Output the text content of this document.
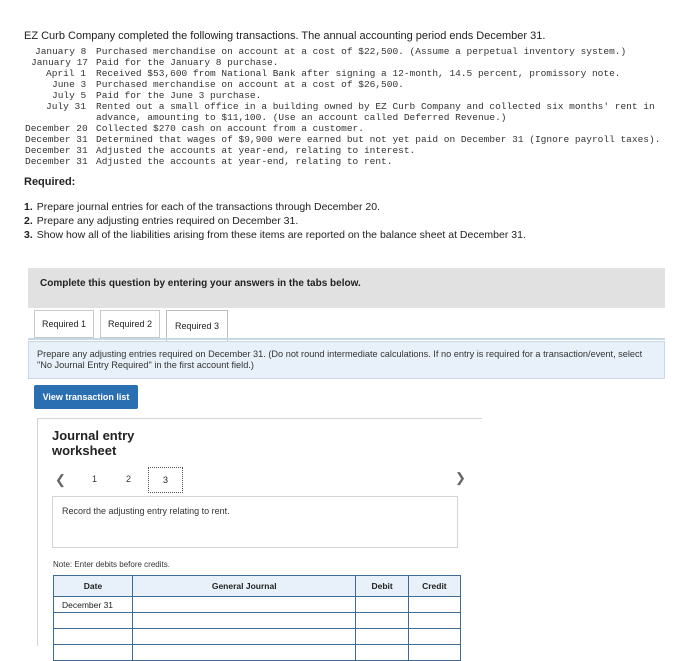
EZ Curb Company completed the following transactions. The annual accounting period ends December 31.
January 8 Purchased merchandise on account at a cost of $22,500. (Assume a perpetual inventory system.)
January 17 Paid for the January 8 purchase.
April 1 Received $53,600 from National Bank after signing a 12-month, 14.5 percent, promissory note.
June 3 Purchased merchandise on account at a cost of $26,500.
July 5 Paid for the June 3 purchase.
July 31 Rented out a small office in a building owned by EZ Curb Company and collected six months' rent in
advance, amounting to $11,100. (Use an account called Deferred Revenue.)
December 20 Collected $270 cash on account from a customer.
December 31 Determined that wages of $9,900 were earned but not yet paid on December 31 (Ignore payroll taxes).
December 31 Adjusted the accounts at year-end, relating to interest.
December 31 Adjusted the accounts at year-end, relating to rent.
Required:
1. Prepare journal entries for each of the transactions through December 20.
2. Prepare any adjusting entries required on December 31.
3. Show how all of the liabilities arising from these items are reported on the balance sheet at December 31.
Complete this question by entering your answers in the tabs below.
Required 1	Required 2	Required 3
Prepare any adjusting entries required on December 31. (Do not round intermediate calculations. If no entry is required for a transaction/event, select "No Journal Entry Required" in the first account field.)
View transaction list
Journal entry
worksheet
❮	1	2	3	❯
Record the adjusting entry relating to rent.
Note: Enter debits before credits.
Date	General Journal	Debit	Credit
December 31			
